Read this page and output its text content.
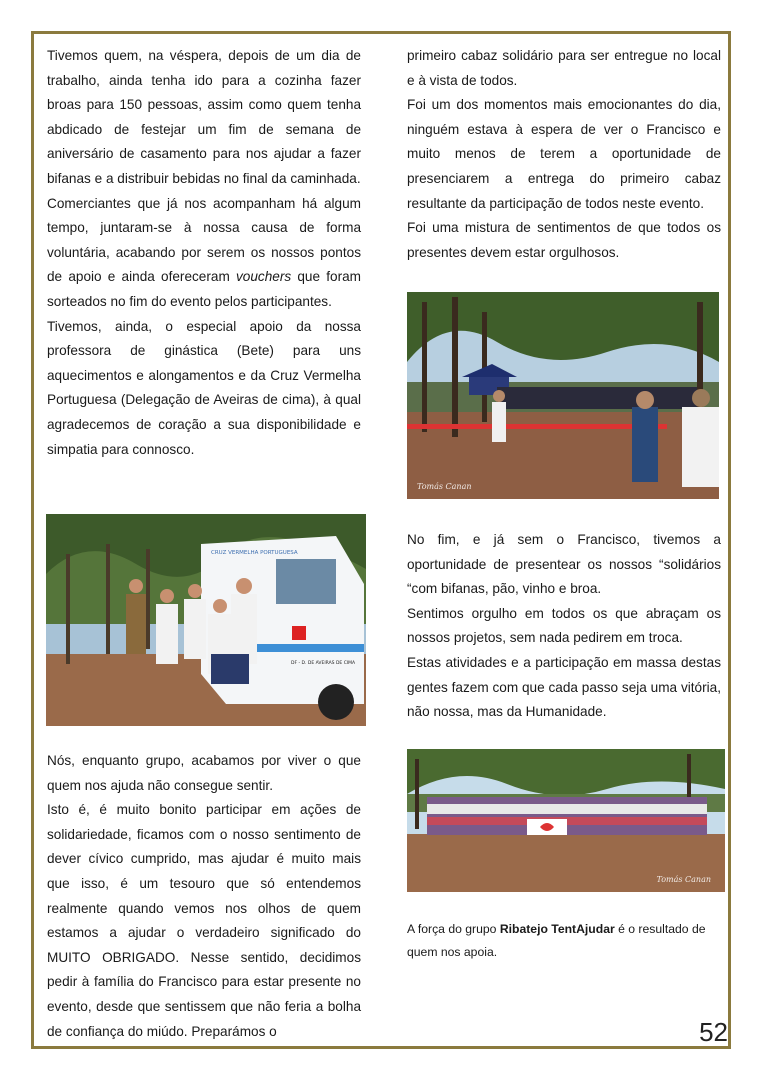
Tivemos quem, na véspera, depois de um dia de trabalho, ainda tenha ido para a cozinha fazer broas para 150 pessoas, assim como quem tenha abdicado de festejar um fim de semana de aniversário de casamento para nos ajudar a fazer bifanas e a distribuir bebidas no final da caminhada.

Comerciantes que já nos acompanham há algum tempo, juntaram-se à nossa causa de forma voluntária, acabando por serem os nossos pontos de apoio e ainda ofereceram vouchers que foram sorteados no fim do evento pelos participantes.

Tivemos, ainda, o especial apoio da nossa professora de ginástica (Bete) para uns aquecimentos e alongamentos e da Cruz Vermelha Portuguesa (Delegação de Aveiras de cima), à qual agradecemos de coração a sua disponibilidade e simpatia para connosco.

CRUZ VERMELHA PORTUGUESA
DF - D. DE AVEIRAS DE CIMA

Nós, enquanto grupo, acabamos por viver o que quem nos ajuda não consegue sentir.

Isto é, é muito bonito participar em ações de solidariedade, ficamos com o nosso sentimento de dever cívico cumprido, mas ajudar é muito mais que isso, é um tesouro que só entendemos realmente quando vemos nos olhos de quem estamos a ajudar o verdadeiro significado do MUITO OBRIGADO. Nesse sentido, decidimos pedir à família do Francisco para estar presente no evento, desde que sentissem que não feria a bolha de confiança do miúdo. Preparámos o

primeiro cabaz solidário para ser entregue no local e à vista de todos.

Foi um dos momentos mais emocionantes do dia, ninguém estava à espera de ver o Francisco e muito menos de terem a oportunidade de presenciarem a entrega do primeiro cabaz resultante da participação de todos neste evento.

Foi uma mistura de sentimentos de que todos os presentes devem estar orgulhosos.

Tomás Canan

No fim, e já sem o Francisco, tivemos a oportunidade de presentear os nossos “solidários “com bifanas, pão, vinho e broa.

Sentimos orgulho em todos os que abraçam os nossos projetos, sem nada pedirem em troca.

Estas atividades e a participação em massa destas gentes fazem com que cada passo seja uma vitória, não nossa, mas da Humanidade.

Tomás Canan
A força do grupo Ribatejo TentAjudar é o resultado de quem nos apoia.
52
